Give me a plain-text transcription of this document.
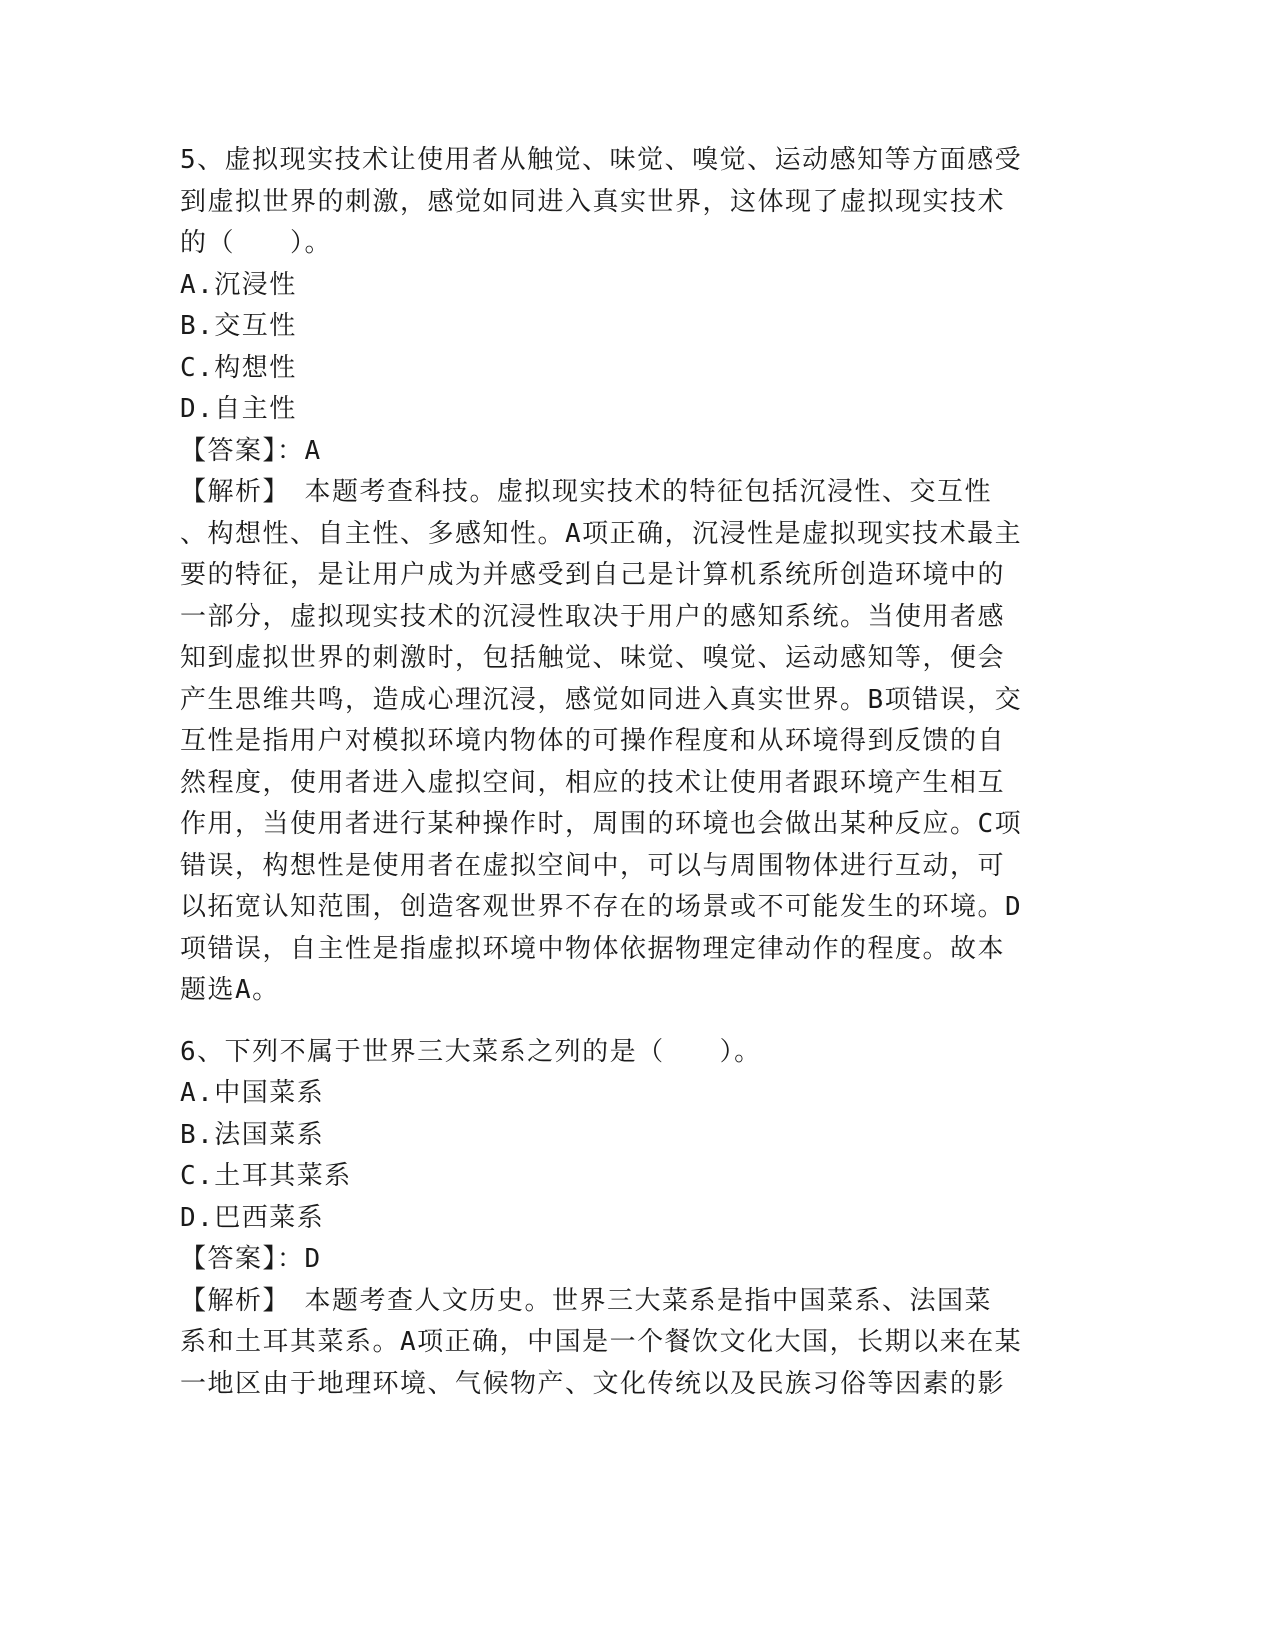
5、虚拟现实技术让使用者从触觉、味觉、嗅觉、运动感知等方面感受
到虚拟世界的刺激，感觉如同进入真实世界，这体现了虚拟现实技术
的（　　）。
A.沉浸性
B.交互性
C.构想性
D.自主性
【答案】：A
【解析】　本题考查科技。虚拟现实技术的特征包括沉浸性、交互性
、构想性、自主性、多感知性。A项正确，沉浸性是虚拟现实技术最主
要的特征，是让用户成为并感受到自己是计算机系统所创造环境中的
一部分，虚拟现实技术的沉浸性取决于用户的感知系统。当使用者感
知到虚拟世界的刺激时，包括触觉、味觉、嗅觉、运动感知等，便会
产生思维共鸣，造成心理沉浸，感觉如同进入真实世界。B项错误，交
互性是指用户对模拟环境内物体的可操作程度和从环境得到反馈的自
然程度，使用者进入虚拟空间，相应的技术让使用者跟环境产生相互
作用，当使用者进行某种操作时，周围的环境也会做出某种反应。C项
错误，构想性是使用者在虚拟空间中，可以与周围物体进行互动，可
以拓宽认知范围，创造客观世界不存在的场景或不可能发生的环境。D
项错误，自主性是指虚拟环境中物体依据物理定律动作的程度。故本
题选A。
6、下列不属于世界三大菜系之列的是（　　）。
A.中国菜系
B.法国菜系
C.土耳其菜系
D.巴西菜系
【答案】：D
【解析】　本题考查人文历史。世界三大菜系是指中国菜系、法国菜
系和土耳其菜系。A项正确，中国是一个餐饮文化大国，长期以来在某
一地区由于地理环境、气候物产、文化传统以及民族习俗等因素的影
